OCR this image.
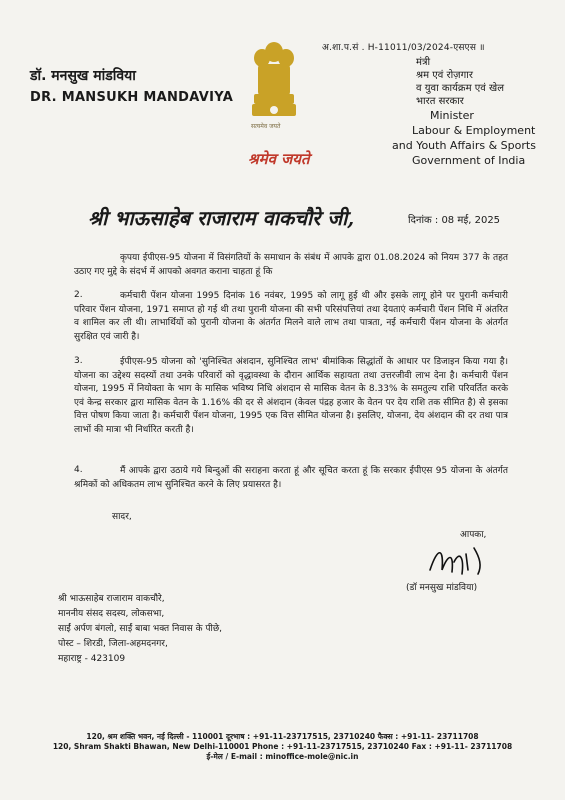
अ.शा.प.सं . H-11011/03/2024-एसएस ॥
डॉ. मनसुख मांडविया
DR. MANSUKH MANDAVIYA
सत्यमेव जयते
मंत्री
श्रम एवं रोज़गार
व युवा कार्यक्रम एवं खेल
भारत सरकार
Minister
Labour & Employment
and Youth Affairs & Sports
Government of India
श्रमेव जयते
श्री भाऊसाहेब राजाराम वाकचौरे जी,	दिनांक : 08 मई, 2025
कृपया ईपीएस-95 योजना में विसंगतियों के समाधान के संबंध में आपके द्वारा 01.08.2024 को नियम 377 के तहत उठाए गए मुद्दे के संदर्भ में आपको अवगत कराना चाहता हूं कि
2.	कर्मचारी पेंशन योजना 1995 दिनांक 16 नवंबर, 1995 को लागू हुई थी और इसके लागू होने पर पुरानी कर्मचारी परिवार पेंशन योजना, 1971 समाप्त हो गई थी तथा पुरानी योजना की सभी परिसंपत्तियां तथा देयताएं कर्मचारी पेंशन निधि में अंतरित व शामिल कर ली थी। लाभार्थियों को पुरानी योजना के अंतर्गत मिलने वाले लाभ तथा पात्रता, नई कर्मचारी पेंशन योजना के अंतर्गत सुरक्षित एवं जारी है।
3.	ईपीएस-95 योजना को 'सुनिश्चित अंशदान, सुनिश्चित लाभ' बीमांकिक सिद्धांतों के आधार पर डिजाइन किया गया है। योजना का उद्देश्य सदस्यों तथा उनके परिवारों को वृद्धावस्था के दौरान आर्थिक सहायता तथा उत्तरजीवी लाभ देना है। कर्मचारी पेंशन योजना, 1995 में नियोक्ता के भाग के मासिक भविष्य निधि अंशदान से मासिक वेतन के 8.33% के समतुल्य राशि परिवर्तित करके एवं केन्द्र सरकार द्वारा मासिक वेतन के 1.16% की दर से अंशदान (केवल पंद्रह हजार के वेतन पर देय राशि तक सीमित है) से इसका वित्त पोषण किया जाता है। कर्मचारी पेंशन योजना, 1995 एक वित्त सीमित योजना है। इसलिए, योजना, देय अंशदान की दर तथा पात्र लाभों की मात्रा भी निर्धारित करती है।
4.	मैं आपके द्वारा उठाये गये बिन्दुओं की सराहना करता हूं और सूचित करता हूं कि सरकार ईपीएस 95 योजना के अंतर्गत श्रमिकों को अधिकतम लाभ सुनिश्चित करने के लिए प्रयासरत है।
सादर,
आपका,
(डॉ मनसुख मांडविया)
श्री भाऊसाहेब राजाराम वाकचौरे,
माननीय संसद सदस्य, लोकसभा,
साईं अर्पण बंगलो, साईं बाबा भक्त निवास के पीछे,
पोस्ट – शिरडी, जिला-अहमदनगर,
महाराष्ट्र - 423109
120, श्रम शक्ति भवन, नई दिल्ली - 110001 दूरभाष : +91-11-23717515, 23710240 फैक्स : +91-11- 23711708
120, Shram Shakti Bhawan, New Delhi-110001 Phone : +91-11-23717515, 23710240 Fax : +91-11- 23711708
ई-मेल / E-mail : minoffice-mole@nic.in
